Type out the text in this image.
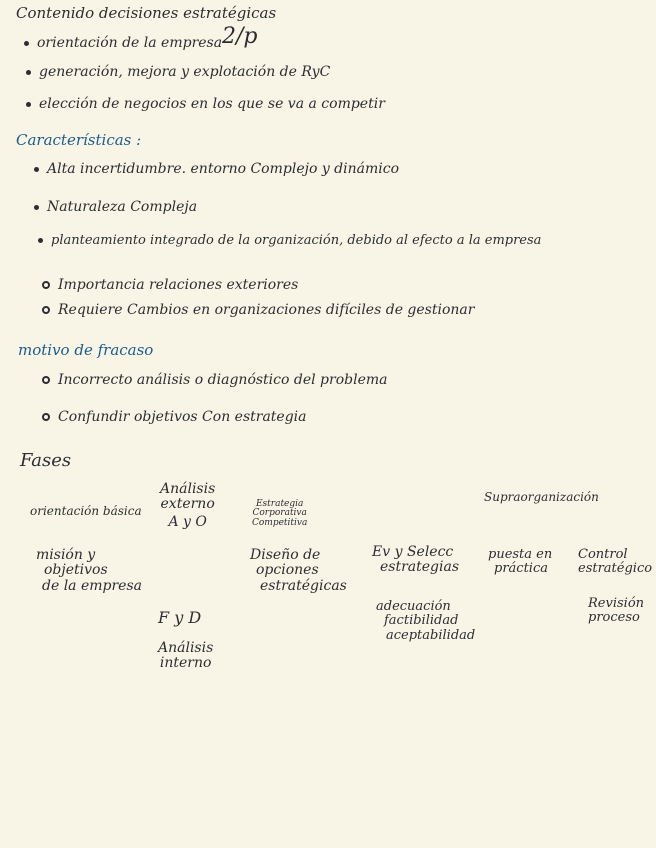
Contenido decisiones estratégicas
orientación de la empresa 2/p
generación, mejora y explotación de RyC
elección de negocios en los que se va a competir
Características :
Alta incertidumbre. entorno Complejo y dinámico
Naturaleza Compleja
planteamiento integrado de la organización, debido al efecto a la empresa
Importancia relaciones exteriores
Requiere Cambios en organizaciones difíciles de gestionar
motivo de fracaso
Incorrecto análisis o diagnóstico del problema
Confundir objetivos Con estrategia
Fases
orientación básica
Análisis
externo
A y O
Estrategia
Corporativa
Competitiva
Supraorganización
misión y
objetivos
de la empresa
Diseño de
opciones
estratégicas
Ev y Selecc
estrategias
adecuación
factibilidad
aceptabilidad
puesta en
práctica
Control
estratégico
Revisión
proceso
F y D
Análisis
interno
